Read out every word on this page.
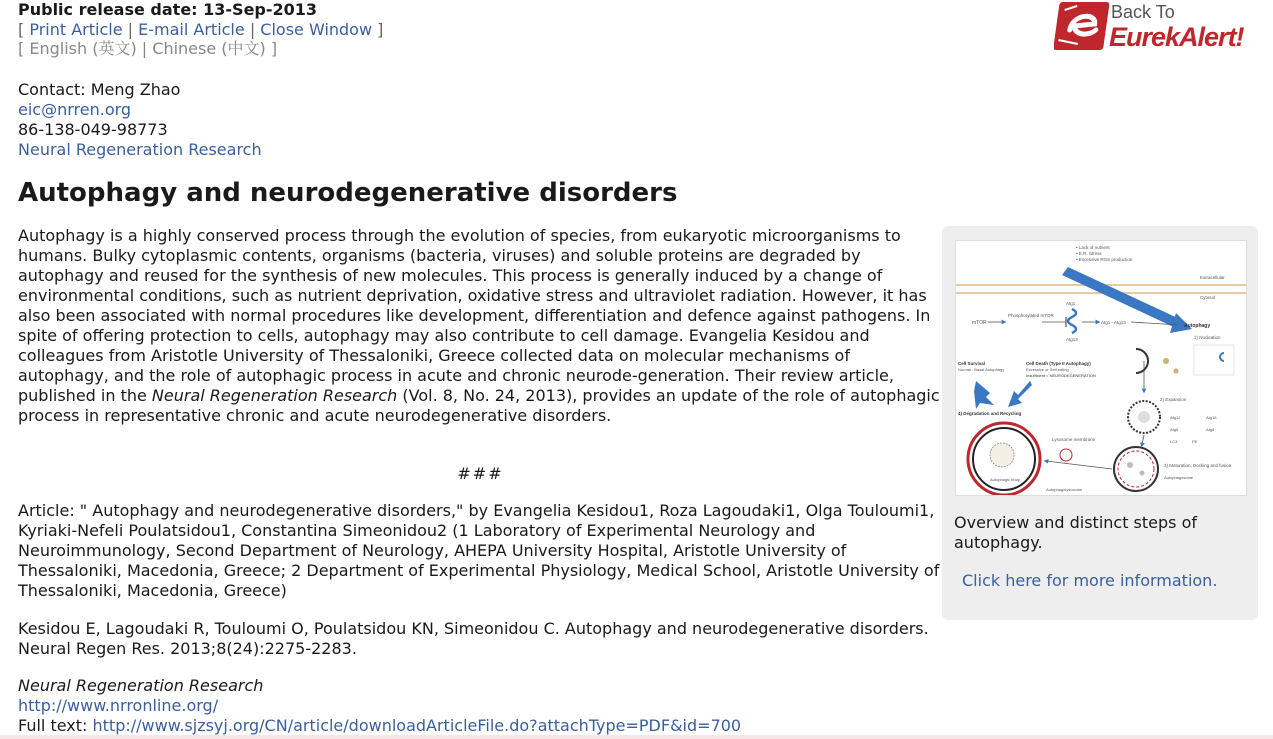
Public release date: 13-Sep-2013
[ Print Article | E-mail Article | Close Window ]
[ English (英文) | Chinese (中文) ]
Back To
EurekAlert!
Contact: Meng Zhao
eic@nrren.org
86-138-049-98773
Neural Regeneration Research
Autophagy and neurodegenerative disorders
Autophagy is a highly conserved process through the evolution of species, from eukaryotic microorganisms to humans. Bulky cytoplasmic contents, organisms (bacteria, viruses) and soluble proteins are degraded by autophagy and reused for the synthesis of new molecules. This process is generally induced by a change of environmental conditions, such as nutrient deprivation, oxidative stress and ultraviolet radiation. However, it has also been associated with normal procedures like development, differentiation and defence against pathogens. In spite of offering protection to cells, autophagy may also contribute to cell damage. Evangelia Kesidou and colleagues from Aristotle University of Thessaloniki, Greece collected data on molecular mechanisms of autophagy, and the role of autophagic process in acute and chronic neurode-generation. Their review article, published in the Neural Regeneration Research (Vol. 8, No. 24, 2013), provides an update of the role of autophagic process in representative chronic and acute neurodegenerative disorders.
###
Article: " Autophagy and neurodegenerative disorders," by Evangelia Kesidou1, Roza Lagoudaki1, Olga Touloumi1, Kyriaki-Nefeli Poulatsidou1, Constantina Simeonidou2 (1 Laboratory of Experimental Neurology and Neuroimmunology, Second Department of Neurology, AHEPA University Hospital, Aristotle University of Thessaloniki, Macedonia, Greece; 2 Department of Experimental Physiology, Medical School, Aristotle University of Thessaloniki, Macedonia, Greece)
Kesidou E, Lagoudaki R, Touloumi O, Poulatsidou KN, Simeonidou C. Autophagy and neurodegenerative disorders. Neural Regen Res. 2013;8(24):2275-2283.
Neural Regeneration Research
http://www.nrronline.org/
Full text: http://www.sjzsyj.org/CN/article/downloadArticleFile.do?attachType=PDF&id=700
• Lack of nutrient
• E.R. Stress
• Excessive ROS production
Extracellular
Cytosol
mTOR
Phosphorylated mTOR
Atg1
Atg13
Atg1 - Atg13
Autophagy
1) Nucleation
Cell Survival
Normal : Basal Autophagy
Cell Death (Type II Autophagy)
Excessive or Self eating
Insufficient = NEURODEGENERATION
4) Degradation and Recycling
Autophagic body
Autophagolysosome
Lysosome membrane
Autophagosome
2) Expansion
Atg12
Atg5
LC3	PE
Atg16
Atg8
3) Maturation, Docking and fusion
Overview and distinct steps of autophagy.
Click here for more information.
